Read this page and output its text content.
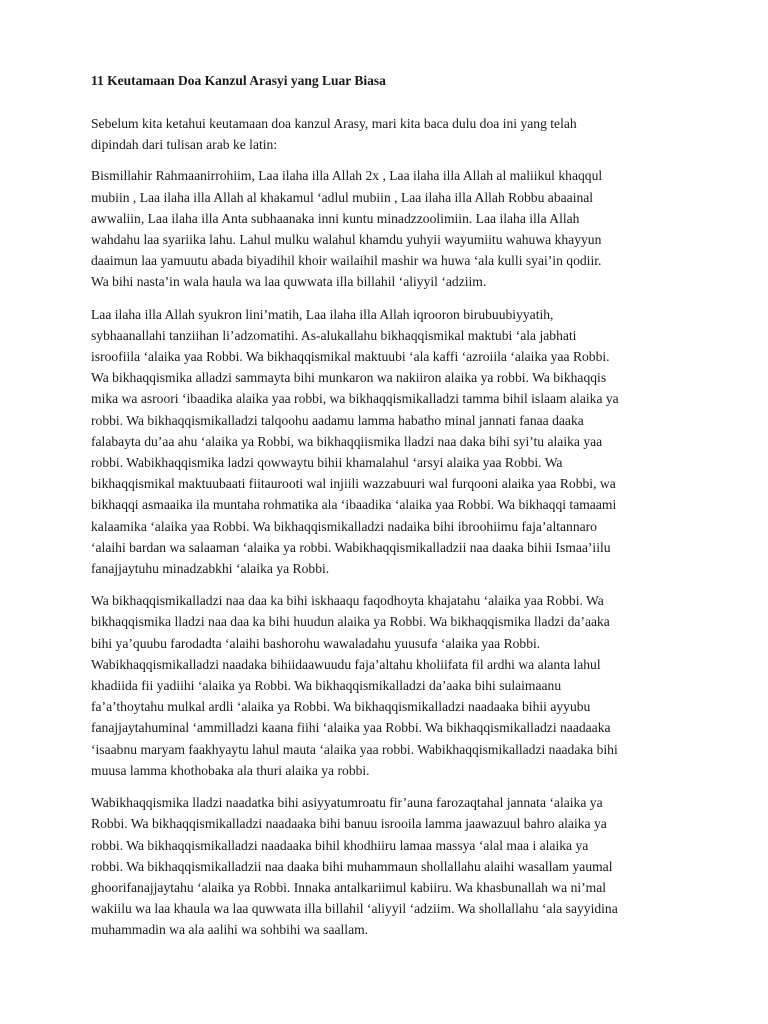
11 Keutamaan Doa Kanzul Arasyi yang Luar Biasa

Sebelum kita ketahui keutamaan doa kanzul Arasy, mari kita baca dulu doa ini yang telah
dipindah dari tulisan arab ke latin:

Bismillahir Rahmaanirrohiim, Laa ilaha illa Allah 2x , Laa ilaha illa Allah al maliikul khaqqul
mubiin , Laa ilaha illa Allah al khakamul ‘adlul mubiin , Laa ilaha illa Allah Robbu abaainal
awwaliin, Laa ilaha illa Anta subhaanaka inni kuntu minadzzoolimiin. Laa ilaha illa Allah
wahdahu laa syariika lahu. Lahul mulku walahul khamdu yuhyii wayumiitu wahuwa khayyun
daaimun laa yamuutu abada biyadihil khoir wailaihil mashir wa huwa ‘ala kulli syai’in qodiir.
Wa bihi nasta’in wala haula wa laa quwwata illa billahil ‘aliyyil ‘adziim.

Laa ilaha illa Allah syukron lini’matih, Laa ilaha illa Allah iqrooron birubuubiyyatih,
sybhaanallahi tanziihan li’adzomatihi. As-alukallahu bikhaqqismikal maktubi ‘ala jabhati
isroofiila ‘alaika yaa Robbi. Wa bikhaqqismikal maktuubi ‘ala kaffi ‘azroiila ‘alaika yaa Robbi.
Wa bikhaqqismika alladzi sammayta bihi munkaron wa nakiiron alaika ya robbi. Wa bikhaqqis
mika wa asroori ‘ibaadika alaika yaa robbi, wa bikhaqqismikalladzi tamma bihil islaam alaika ya
robbi. Wa bikhaqqismikalladzi talqoohu aadamu lamma habatho minal jannati fanaa daaka
falabayta du’aa ahu ‘alaika ya Robbi, wa bikhaqqiismika lladzi naa daka bihi syi’tu alaika yaa
robbi. Wabikhaqqismika ladzi qowwaytu bihii khamalahul ‘arsyi alaika yaa Robbi. Wa
bikhaqqismikal maktuubaati fiitaurooti wal injiili wazzabuuri wal furqooni alaika yaa Robbi, wa
bikhaqqi asmaaika ila muntaha rohmatika ala ‘ibaadika ‘alaika yaa Robbi. Wa bikhaqqi tamaami
kalaamika ‘alaika yaa Robbi. Wa bikhaqqismikalladzi nadaika bihi ibroohiimu faja’altannaro
‘alaihi bardan wa salaaman ‘alaika ya robbi. Wabikhaqqismikalladzii naa daaka bihii Ismaa’iilu
fanajjaytuhu minadzabkhi ‘alaika ya Robbi.

Wa bikhaqqismikalladzi naa daa ka bihi iskhaaqu faqodhoyta khajatahu ‘alaika yaa Robbi. Wa
bikhaqqismika lladzi naa daa ka bihi huudun alaika ya Robbi. Wa bikhaqqismika lladzi da’aaka
bihi ya’quubu farodadta ‘alaihi bashorohu wawaladahu yuusufa ‘alaika yaa Robbi.
Wabikhaqqismikalladzi naadaka bihiidaawuudu faja’altahu kholiifata fil ardhi wa alanta lahul
khadiida fii yadiihi ‘alaika ya Robbi. Wa bikhaqqismikalladzi da’aaka bihi sulaimaanu
fa’a’thoytahu mulkal ardli ‘alaika ya Robbi. Wa bikhaqqismikalladzi naadaaka bihii ayyubu
fanajjaytahuminal ‘ammilladzi kaana fiihi ‘alaika yaa Robbi. Wa bikhaqqismikalladzi naadaaka
‘isaabnu maryam faakhyaytu lahul mauta ‘alaika yaa robbi. Wabikhaqqismikalladzi naadaka bihi
muusa lamma khothobaka ala thuri alaika ya robbi.

Wabikhaqqismika lladzi naadatka bihi asiyyatumroatu fir’auna farozaqtahal jannata ‘alaika ya
Robbi. Wa bikhaqqismikalladzi naadaaka bihi banuu isrooila lamma jaawazuul bahro alaika ya
robbi. Wa bikhaqqismikalladzi naadaaka bihil khodhiiru lamaa massya ‘alal maa i alaika ya
robbi. Wa bikhaqqismikalladzii naa daaka bihi muhammaun shollallahu alaihi wasallam yaumal
ghoorifanajjaytahu ‘alaika ya Robbi. Innaka antalkariimul kabiiru. Wa khasbunallah wa ni’mal
wakiilu wa laa khaula wa laa quwwata illa billahil ‘aliyyil ‘adziim. Wa shollallahu ‘ala sayyidina
muhammadin wa ala aalihi wa sohbihi wa saallam.
